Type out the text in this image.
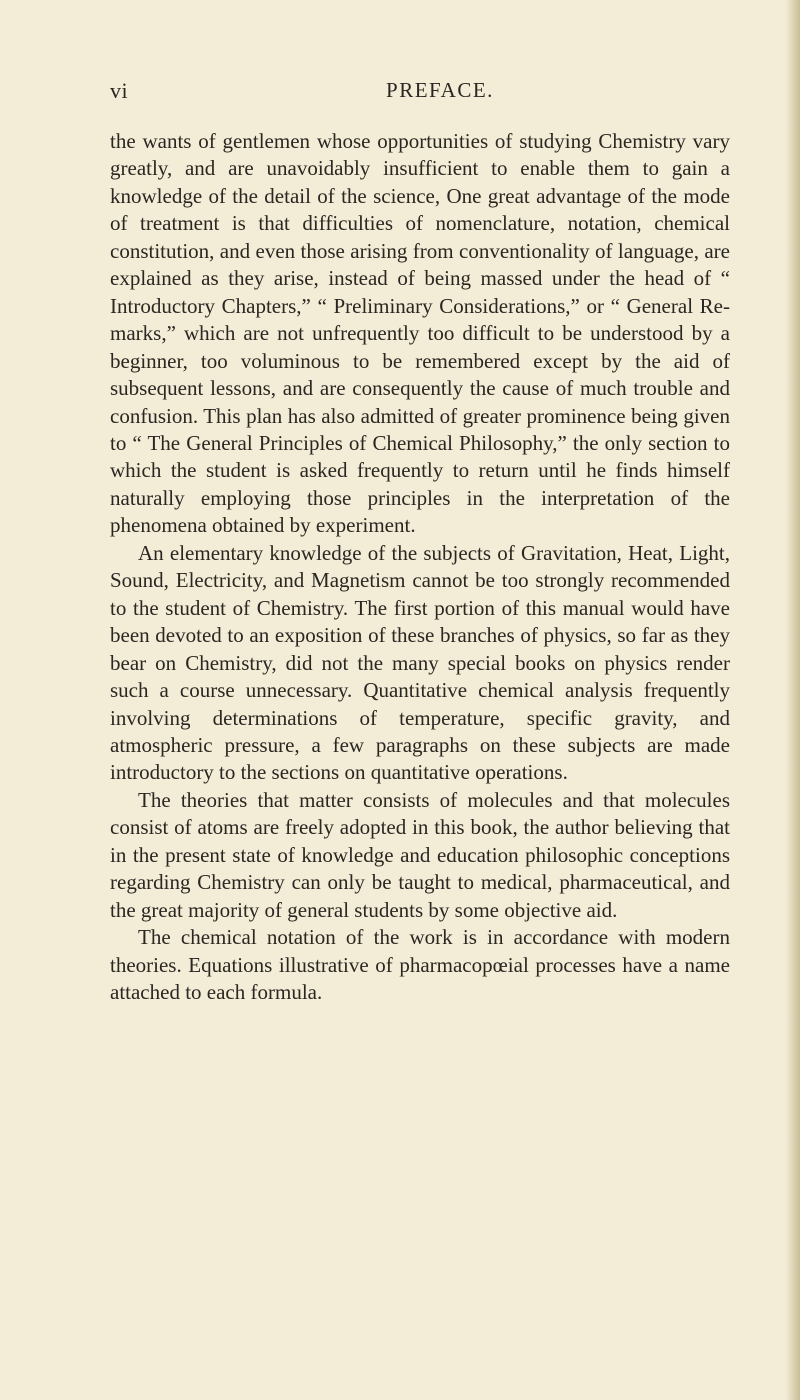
vi	PREFACE.

the wants of gentlemen whose opportunities of studying Chemistry vary greatly, and are unavoidably insufficient to enable them to gain a knowledge of the detail of the science, One great advantage of the mode of treatment is that difficulties of nomenclature, notation, chemical constitution, and even those arising from conventionality of language, are explained as they arise, instead of being massed under the head of “ Introductory Chapters,” “ Preliminary Considerations,” or “ General Remarks,” which are not unfrequently too difficult to be understood by a beginner, too voluminous to be remembered except by the aid of subsequent lessons, and are consequently the cause of much trouble and confusion. This plan has also admitted of greater prominence being given to “ The General Principles of Chemical Philosophy,” the only section to which the student is asked frequently to return until he finds himself naturally employing those principles in the interpretation of the phenomena obtained by experiment.

An elementary knowledge of the subjects of Gravitation, Heat, Light, Sound, Electricity, and Magnetism cannot be too strongly recommended to the student of Chemistry. The first portion of this manual would have been devoted to an exposition of these branches of physics, so far as they bear on Chemistry, did not the many special books on physics render such a course unnecessary. Quantitative chemical analysis frequently involving determinations of temperature, specific gravity, and atmospheric pressure, a few paragraphs on these subjects are made introductory to the sections on quantitative operations.

The theories that matter consists of molecules and that molecules consist of atoms are freely adopted in this book, the author believing that in the present state of knowledge and education philosophic conceptions regarding Chemistry can only be taught to medical, pharmaceutical, and the great majority of general students by some objective aid.

The chemical notation of the work is in accordance with modern theories. Equations illustrative of pharmacopœial processes have a name attached to each formula.
